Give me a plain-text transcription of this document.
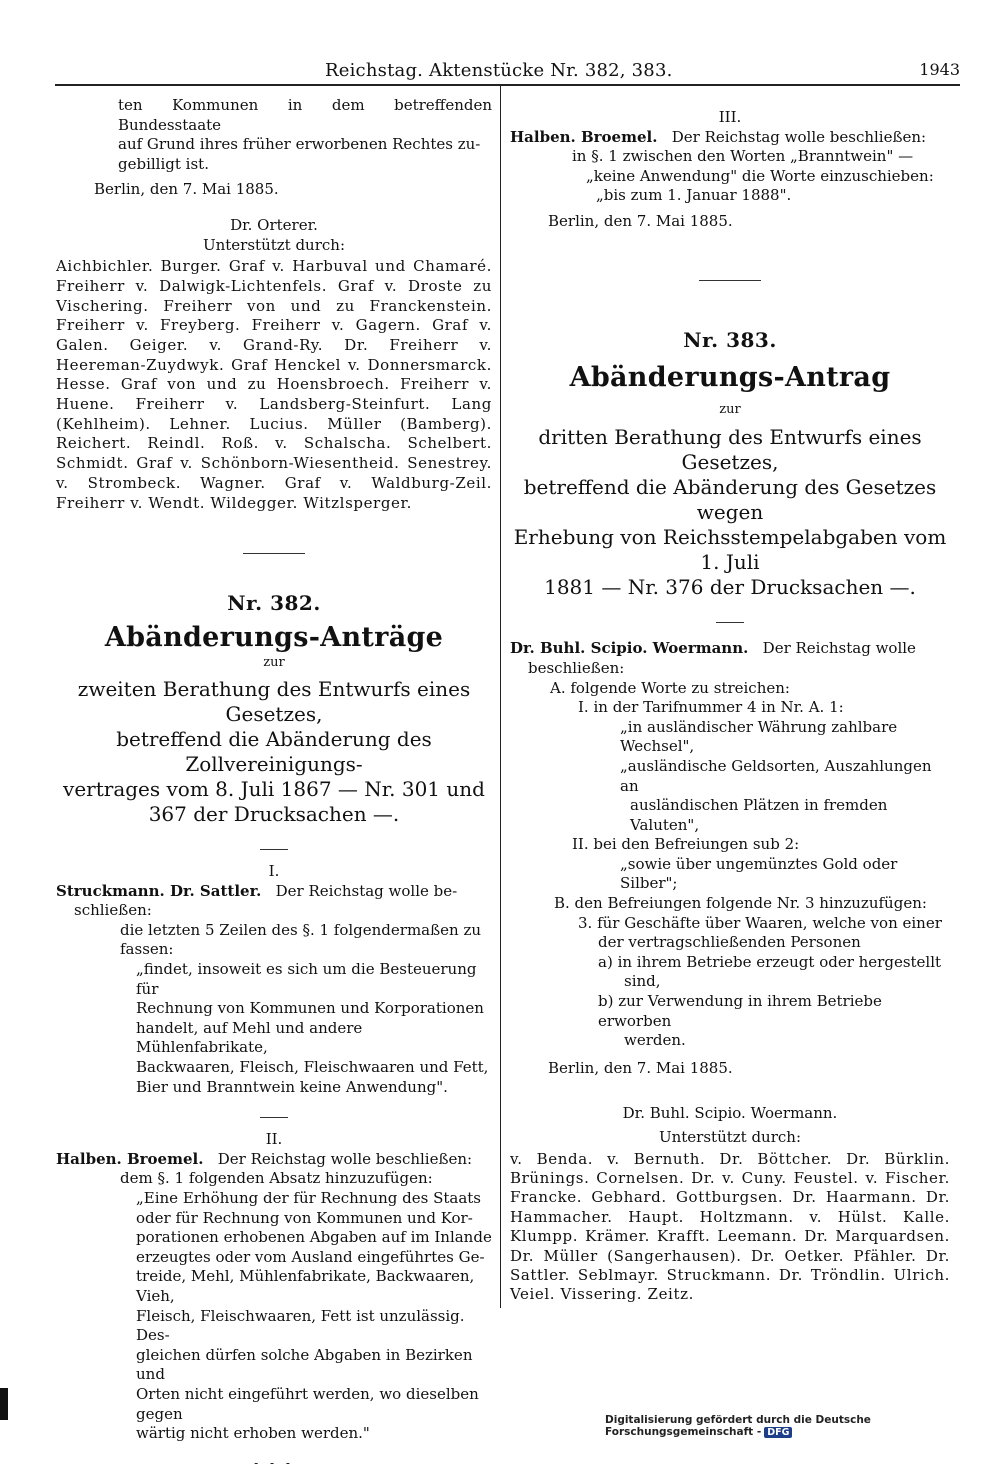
Reichstag. Aktenstücke Nr. 382, 383.	1943
ten Kommunen in dem betreffenden Bundesstaate
auf Grund ihres früher erworbenen Rechtes zu-
gebilligt ist.
Berlin, den 7. Mai 1885.
Dr. Orterer.
Unterstützt durch:
Aichbichler. Burger. Graf v. Harbuval und Chamaré. Freiherr v. Dalwigk-Lichtenfels. Graf v. Droste zu Vischering. Freiherr von und zu Franckenstein. Freiherr v. Freyberg. Freiherr v. Gagern. Graf v. Galen. Geiger. v. Grand-Ry. Dr. Freiherr v. Heereman-Zuydwyk. Graf Henckel v. Donnersmarck. Hesse. Graf von und zu Hoensbroech. Freiherr v. Huene. Freiherr v. Landsberg-Steinfurt. Lang (Kehlheim). Lehner. Lucius. Müller (Bamberg). Reichert. Reindl. Roß. v. Schalscha. Schelbert. Schmidt. Graf v. Schönborn-Wiesentheid. Senestrey. v. Strombeck. Wagner. Graf v. Waldburg-Zeil. Freiherr v. Wendt. Wildegger. Witzlsperger.
Nr. 382.
Abänderungs-Anträge
zur
zweiten Berathung des Entwurfs eines Gesetzes,
betreffend die Abänderung des Zollvereinigungs-
vertrages vom 8. Juli 1867 — Nr. 301 und
367 der Drucksachen —.
I.
Struckmann. Dr. Sattler. Der Reichstag wolle be-
schließen:
die letzten 5 Zeilen des §. 1 folgendermaßen zu
fassen:
„findet, insoweit es sich um die Besteuerung für
Rechnung von Kommunen und Korporationen
handelt, auf Mehl und andere Mühlenfabrikate,
Backwaaren, Fleisch, Fleischwaaren und Fett,
Bier und Branntwein keine Anwendung".
II.
Halben. Broemel. Der Reichstag wolle beschließen:
dem §. 1 folgenden Absatz hinzuzufügen:
„Eine Erhöhung der für Rechnung des Staats
oder für Rechnung von Kommunen und Kor-
porationen erhobenen Abgaben auf im Inlande
erzeugtes oder vom Ausland eingeführtes Ge-
treide, Mehl, Mühlenfabrikate, Backwaaren, Vieh,
Fleisch, Fleischwaaren, Fett ist unzulässig. Des-
gleichen dürfen solche Abgaben in Bezirken und
Orten nicht eingeführt werden, wo dieselben gegen
wärtig nicht erhoben werden."
- - -
III.
Halben. Broemel. Der Reichstag wolle beschließen:
in §. 1 zwischen den Worten „Branntwein" —
„keine Anwendung" die Worte einzuschieben:
„bis zum 1. Januar 1888".
Berlin, den 7. Mai 1885.
Nr. 383.
Abänderungs-Antrag
zur
dritten Berathung des Entwurfs eines Gesetzes,
betreffend die Abänderung des Gesetzes wegen
Erhebung von Reichsstempelabgaben vom 1. Juli
1881 — Nr. 376 der Drucksachen —.
Dr. Buhl. Scipio. Woermann. Der Reichstag wolle
beschließen:
A. folgende Worte zu streichen:
I. in der Tarifnummer 4 in Nr. A. 1:
„in ausländischer Währung zahlbare Wechsel",
„ausländische Geldsorten, Auszahlungen an
ausländischen Plätzen in fremden Valuten",
II. bei den Befreiungen sub 2:
„sowie über ungemünztes Gold oder Silber";
B. den Befreiungen folgende Nr. 3 hinzuzufügen:
3. für Geschäfte über Waaren, welche von einer
der vertragschließenden Personen
a) in ihrem Betriebe erzeugt oder hergestellt
sind,
b) zur Verwendung in ihrem Betriebe erworben
werden.
Berlin, den 7. Mai 1885.
Dr. Buhl. Scipio. Woermann.
Unterstützt durch:
v. Benda. v. Bernuth. Dr. Böttcher. Dr. Bürklin. Brünings. Cornelsen. Dr. v. Cuny. Feustel. v. Fischer. Francke. Gebhard. Gottburgsen. Dr. Haarmann. Dr. Hammacher. Haupt. Holtzmann. v. Hülst. Kalle. Klumpp. Krämer. Krafft. Leemann. Dr. Marquardsen. Dr. Müller (Sangerhausen). Dr. Oetker. Pfähler. Dr. Sattler. Seblmayr. Struckmann. Dr. Tröndlin. Ulrich. Veiel. Vissering. Zeitz.
Digitalisierung gefördert durch die Deutsche Forschungsgemeinschaft - DFG
